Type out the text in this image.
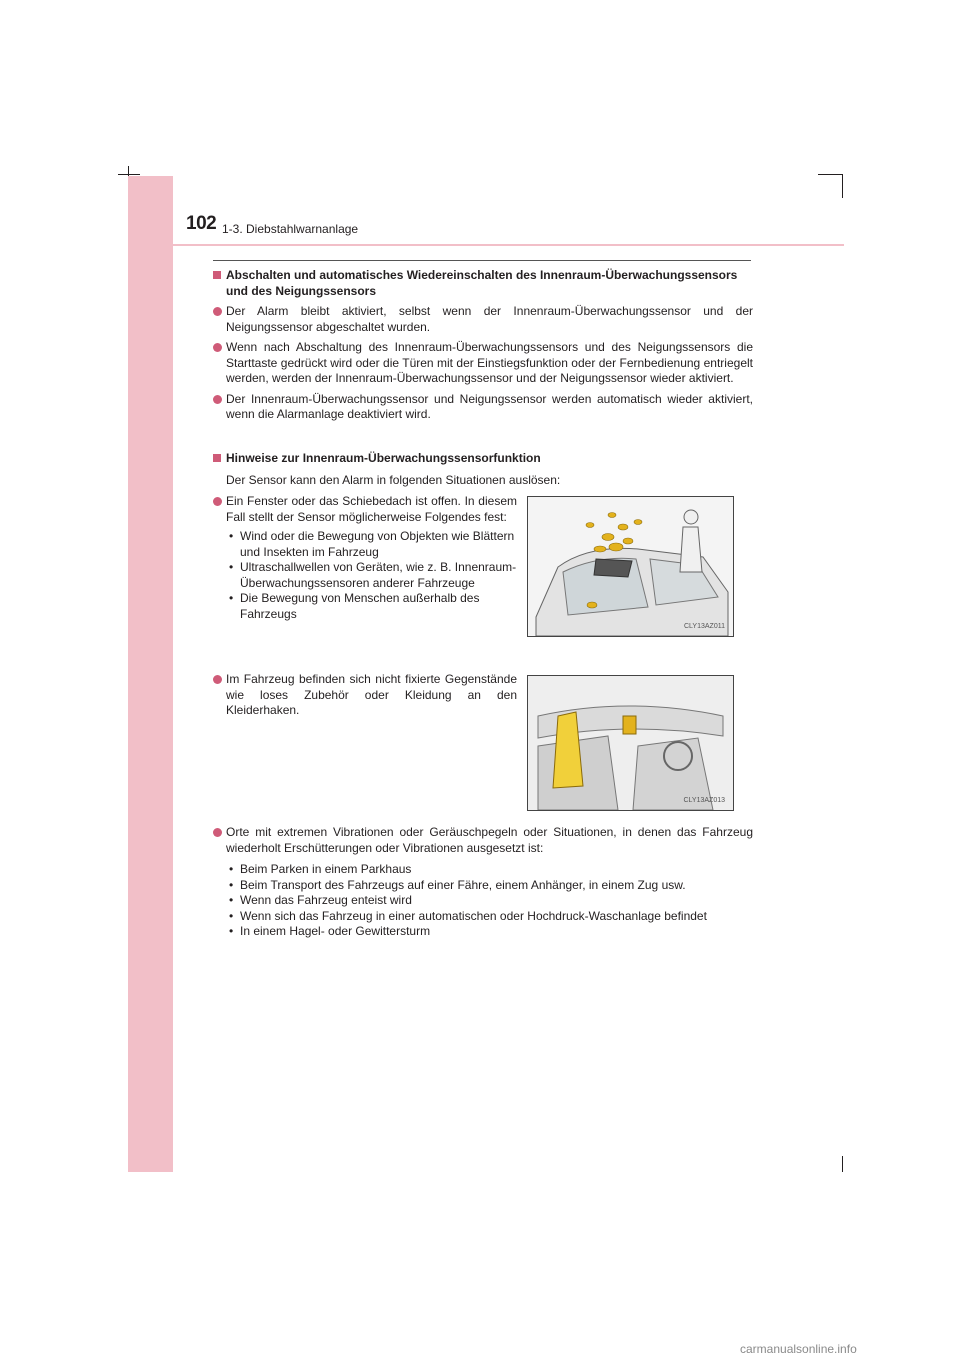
102 1-3. Diebstahlwarnanlage
Abschalten und automatisches Wiedereinschalten des Innenraum-Überwachungssensors und des Neigungssensors
Der Alarm bleibt aktiviert, selbst wenn der Innenraum-Überwachungssensor und der Neigungssensor abgeschaltet wurden.
Wenn nach Abschaltung des Innenraum-Überwachungssensors und des Neigungssensors die Starttaste gedrückt wird oder die Türen mit der Einstiegsfunktion oder der Fernbedienung entriegelt werden, werden der Innenraum-Überwachungssensor und der Neigungssensor wieder aktiviert.
Der Innenraum-Überwachungssensor und Neigungssensor werden automatisch wieder aktiviert, wenn die Alarmanlage deaktiviert wird.
Hinweise zur Innenraum-Überwachungssensorfunktion
Der Sensor kann den Alarm in folgenden Situationen auslösen:
Ein Fenster oder das Schiebedach ist offen. In diesem Fall stellt der Sensor möglicherweise Folgendes fest:
• Wind oder die Bewegung von Objekten wie Blättern und Insekten im Fahrzeug
• Ultraschallwellen von Geräten, wie z. B. Innenraum-Überwachungssensoren anderer Fahrzeuge
• Die Bewegung von Menschen außerhalb des Fahrzeugs
CLY13AZ011
Im Fahrzeug befinden sich nicht fixierte Gegenstände wie loses Zubehör oder Kleidung an den Kleiderhaken.
CLY13AZ013
Orte mit extremen Vibrationen oder Geräuschpegeln oder Situationen, in denen das Fahrzeug wiederholt Erschütterungen oder Vibrationen ausgesetzt ist:
• Beim Parken in einem Parkhaus
• Beim Transport des Fahrzeugs auf einer Fähre, einem Anhänger, in einem Zug usw.
• Wenn das Fahrzeug enteist wird
• Wenn sich das Fahrzeug in einer automatischen oder Hochdruck-Waschanlage befindet
• In einem Hagel- oder Gewittersturm
carmanualsonline.info
